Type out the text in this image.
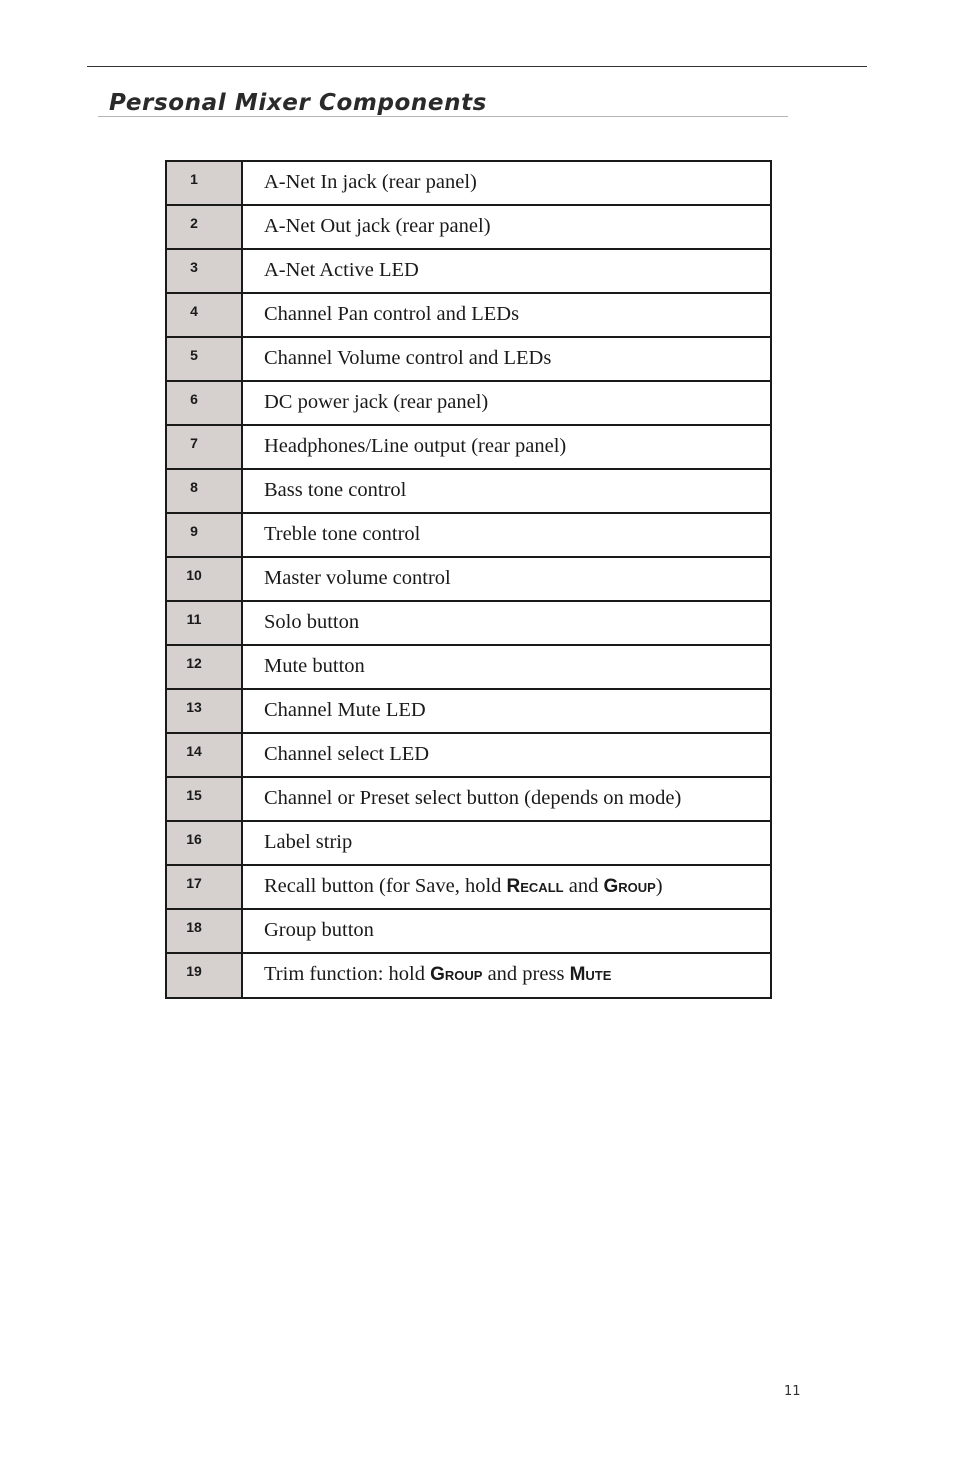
Personal Mixer Components
1	A-Net In jack (rear panel)

2	A-Net Out jack (rear panel)

3	A-Net Active LED

4	Channel Pan control and LEDs

5	Channel Volume control and LEDs

6	DC power jack (rear panel)

7	Headphones/Line output (rear panel)

8	Bass tone control

9	Treble tone control

10	Master volume control

11	Solo button

12	Mute button

13	Channel Mute LED

14	Channel select LED

15	Channel or Preset select button (depends on mode)

16	Label strip

17	Recall button (for Save, hold Recall and Group)

18	Group button

19	Trim function: hold Group and press Mute
11
